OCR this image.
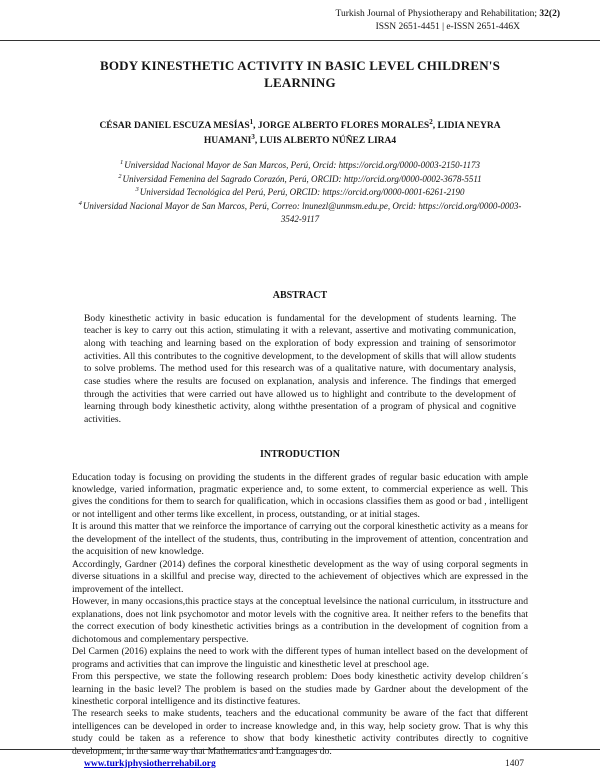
Turkish Journal of Physiotherapy and Rehabilitation; 32(2)
ISSN 2651-4451 | e-ISSN 2651-446X
BODY KINESTHETIC ACTIVITY IN BASIC LEVEL CHILDREN'S LEARNING
CÉSAR DANIEL ESCUZA MESÍAS$^1$, JORGE ALBERTO FLORES MORALES$^2$, LIDIA NEYRA HUAMANI$^3$, LUIS ALBERTO NÚÑEZ LIRA4
$^1$Universidad Nacional Mayor de San Marcos, Perú, Orcid: https://orcid.org/0000-0003-2150-1173
$^2$Universidad Femenina del Sagrado Corazón, Perú, ORCID: http://orcid.org/0000-0002-3678-5511
$^3$Universidad Tecnológica del Perú, Perú, ORCID: https://orcid.org/0000-0001-6261-2190
$^4$Universidad Nacional Mayor de San Marcos, Perú, Correo: lnunezl@unmsm.edu.pe, Orcid: https://orcid.org/0000-0003-3542-9117
ABSTRACT

Body kinesthetic activity in basic education is fundamental for the development of students learning. The teacher is key to carry out this action, stimulating it with a relevant, assertive and motivating communication, along with teaching and learning based on the exploration of body expression and training of sensorimotor activities. All this contributes to the cognitive development, to the development of skills that will allow students to solve problems. The method used for this research was of a qualitative nature, with documentary analysis, case studies where the results are focused on explanation, analysis and inference. The findings that emerged through the activities that were carried out have allowed us to highlight and contribute to the development of learning through body kinesthetic activity, along withthe presentation of a program of physical and cognitive activities.

INTRODUCTION

Education today is focusing on providing the students in the different grades of regular basic education with ample knowledge, varied information, pragmatic experience and, to some extent, to commercial experience as well. This gives the conditions for them to search for qualification, which in occasions classifies them as good or bad , intelligent or not intelligent and other terms like excellent, in process, outstanding, or at initial stages.

It is around this matter that we reinforce the importance of carrying out the corporal kinesthetic activity as a means for the development of the intellect of the students, thus, contributing in the improvement of attention, concentration and the acquisition of new knowledge.

Accordingly, Gardner (2014) defines the corporal kinesthetic development as the way of using corporal segments in diverse situations in a skillful and precise way, directed to the achievement of objectives which are expressed in the improvement of the intellect.

However, in many occasions,this practice stays at the conceptual levelsince the national curriculum, in itsstructure and explanations, does not link psychomotor and motor levels with the cognitive area. It neither refers to the benefits that the correct execution of body kinesthetic activities brings as a contribution in the development of cognition from a dichotomous and complementary perspective.

Del Carmen (2016) explains the need to work with the different types of human intellect based on the development of programs and activities that can improve the linguistic and kinesthetic level at preschool age.

From this perspective, we state the following research problem: Does body kinesthetic activity develop children´s learning in the basic level? The problem is based on the studies made by Gardner about the development of the kinesthetic corporal intelligence and its distinctive features.

The research seeks to make students, teachers and the educational community be aware of the fact that different intelligences can be developed in order to increase knowledge and, in this way, help society grow. That is why this study could be taken as a reference to show that body kinesthetic activity contributes directly to cognitive development, in the same way that Mathematics and Languages do.

www.turkjphysiotherrehabil.org	1407
